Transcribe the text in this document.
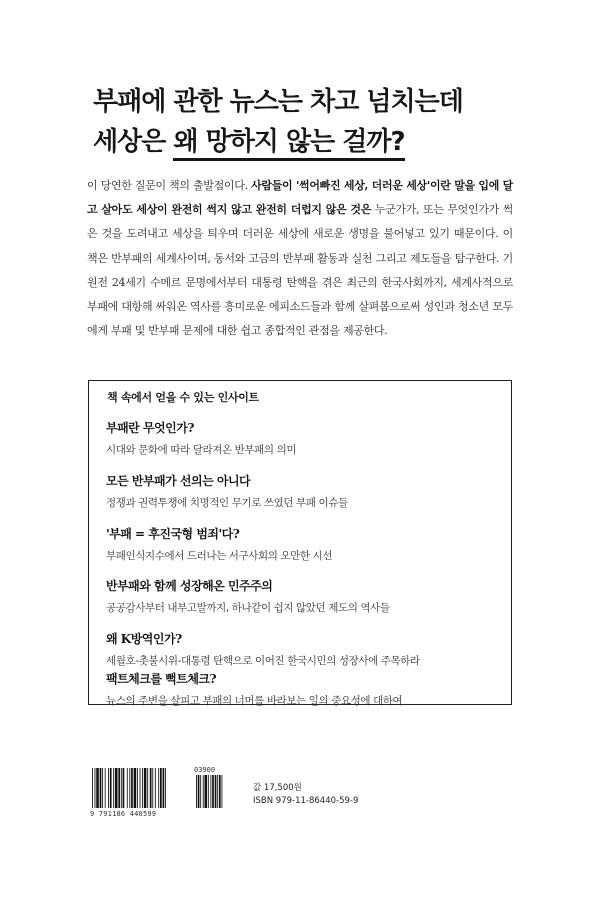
부패에 관한 뉴스는 차고 넘치는데
세상은 왜 망하지 않는 걸까?
이 당연한 질문이 책의 출발점이다. 사람들이 '썩어빠진 세상, 더러운 세상'이란 말을 입에 달고 살아도 세상이 완전히 썩지 않고 완전히 더럽지 않은 것은 누군가가, 또는 무엇인가가 썩은 것을 도려내고 세상을 틔우며 더러운 세상에 새로운 생명을 불어넣고 있기 때문이다. 이 책은 반부패의 세계사이며, 동서와 고금의 반부패 활동과 실천 그리고 제도들을 탐구한다. 기원전 24세기 수메르 문명에서부터 대통령 탄핵을 겪은 최근의 한국사회까지, 세계사적으로 부패에 대항해 싸워온 역사를 흥미로운 에피소드들과 함께 살펴봄으로써 성인과 청소년 모두에게 부패 및 반부패 문제에 대한 쉽고 종합적인 관점을 제공한다.
책 속에서 얻을 수 있는 인사이트
부패란 무엇인가?
시대와 문화에 따라 달라져온 반부패의 의미
모든 반부패가 선의는 아니다
정쟁과 권력투쟁에 치명적인 무기로 쓰였던 부패 이슈들
'부패 = 후진국형 범죄'다?
부패인식지수에서 드러나는 서구사회의 오만한 시선
반부패와 함께 성장해온 민주주의
공공감사부터 내부고발까지, 하나같이 쉽지 않았던 제도의 역사들
왜 K방역인가?
세월호-촛불시위-대통령 탄핵으로 이어진 한국시민의 성장사에 주목하라
팩트체크를 뻑트체크?
뉴스의 주변을 살피고 부패의 너머를 바라보는 일의 중요성에 대하여
03900
9 791186 440599
값 17,500원
ISBN 979-11-86440-59-9
